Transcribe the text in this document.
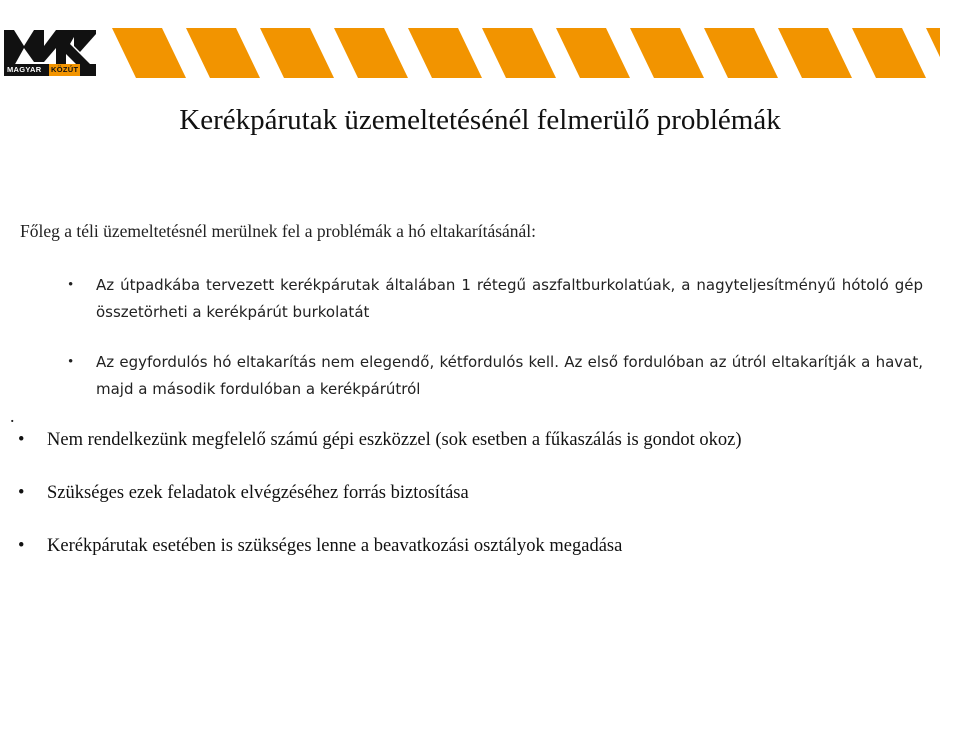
MAGYAR KÖZÚT
Kerékpárutak üzemeltetésénél felmerülő problémák
Főleg a téli üzemeltetésnél merülnek fel a problémák a hó eltakarításánál:
• Az útpadkába tervezett kerékpárutak általában 1 rétegű aszfaltburkolatúak, a nagyteljesítményű hótoló gép összetörheti a kerékpárút burkolatát
• Az egyfordulós hó eltakarítás nem elegendő, kétfordulós kell. Az első fordulóban az útról eltakarítják a havat, majd a második fordulóban a kerékpárútról
.
• Nem rendelkezünk megfelelő számú gépi eszközzel (sok esetben a fűkaszálás is gondot okoz)
• Szükséges ezek feladatok elvégzéséhez forrás biztosítása
• Kerékpárutak esetében is szükséges lenne a beavatkozási osztályok megadása
